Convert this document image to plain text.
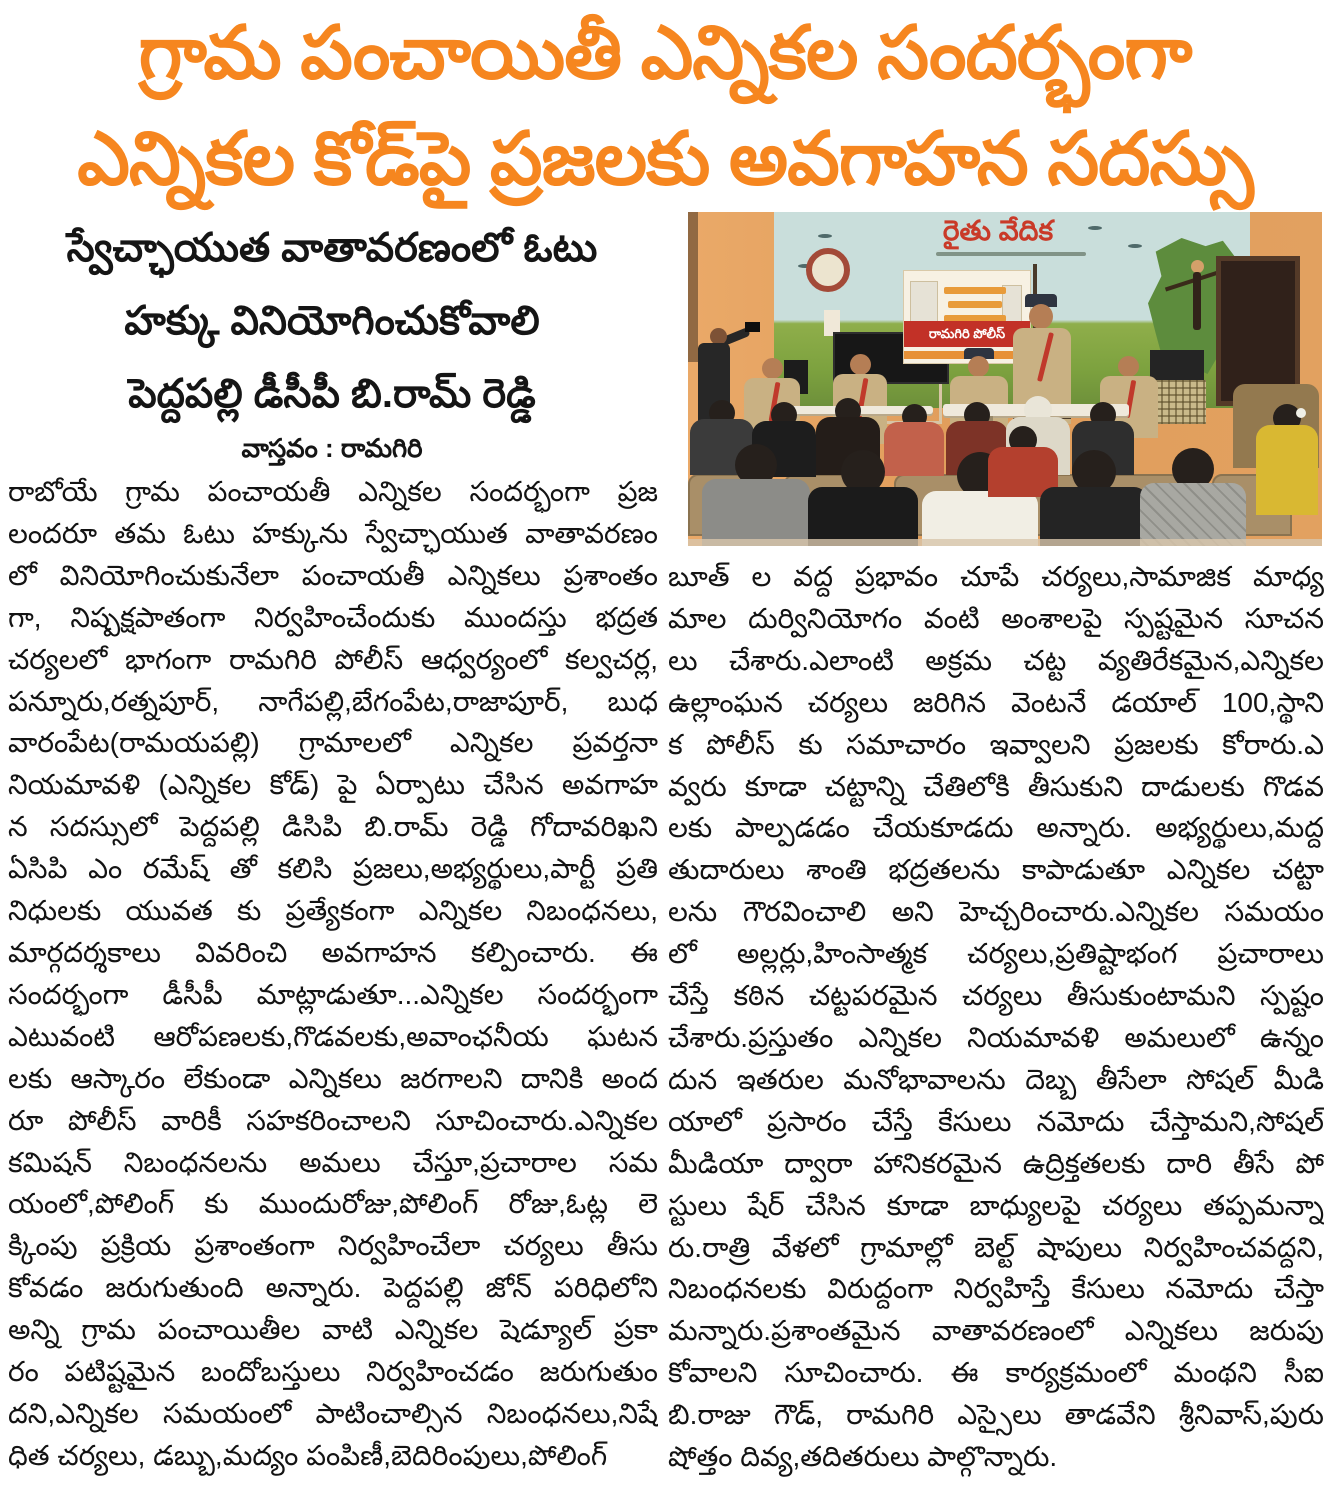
గ్రామ పంచాయితీ ఎన్నికల సందర్భంగా
ఎన్నికల కోడ్‌పై ప్రజలకు అవగాహన సదస్సు
స్వేచ్ఛాయుత వాతావరణంలో ఓటు
హక్కు వినియోగించుకోవాలి
పెద్దపల్లి డీసీపీ బి.రామ్ రెడ్డి
వాస్తవం : రామగిరి
రైతు వేదిక
రామగిరి పోలీస్
రాబోయే గ్రామ పంచాయతీ ఎన్నికల సందర్భంగా ప్రజ
లందరూ తమ ఓటు హక్కును స్వేచ్ఛాయుత వాతావరణం
లో వినియోగించుకునేలా పంచాయతీ ఎన్నికలు ప్రశాంతం
గా, నిష్పక్షపాతంగా నిర్వహించేందుకు ముందస్తు భద్రత
చర్యలలో భాగంగా రామగిరి పోలీస్ ఆధ్వర్యంలో కల్వచర్ల,
పన్నూరు,రత్నపూర్, నాగేపల్లి,బేగంపేట,రాజాపూర్, బుధ
వారంపేట(రామయపల్లి) గ్రామాలలో ఎన్నికల ప్రవర్తనా
నియమావళి (ఎన్నికల కోడ్) పై ఏర్పాటు చేసిన అవగాహ
న సదస్సులో పెద్దపల్లి డిసిపి బి.రామ్ రెడ్డి గోదావరిఖని
ఏసిపి ఎం రమేష్ తో కలిసి ప్రజలు,అభ్యర్థులు,పార్టీ ప్రతి
నిధులకు యువత కు ప్రత్యేకంగా ఎన్నికల నిబంధనలు,
మార్గదర్శకాలు వివరించి అవగాహన కల్పించారు. ఈ
సందర్భంగా డీసీపీ మాట్లాడుతూ...ఎన్నికల సందర్భంగా
ఎటువంటి ఆరోపణలకు,గొడవలకు,అవాంఛనీయ ఘటన
లకు ఆస్కారం లేకుండా ఎన్నికలు జరగాలని దానికి అంద
రూ పోలీస్ వారికీ సహకరించాలని సూచించారు.ఎన్నికల
కమిషన్ నిబంధనలను అమలు చేస్తూ,ప్రచారాల సమ
యంలో,పోలింగ్ కు ముందురోజు,పోలింగ్ రోజు,ఓట్ల లె
క్కింపు ప్రక్రియ ప్రశాంతంగా నిర్వహించేలా చర్యలు తీసు
కోవడం జరుగుతుంది అన్నారు. పెద్దపల్లి జోన్ పరిధిలోని
అన్ని గ్రామ పంచాయితీల వాటి ఎన్నికల షెడ్యూల్ ప్రకా
రం పటిష్టమైన బందోబస్తులు నిర్వహించడం జరుగుతుం
దని,ఎన్నికల సమయంలో పాటించాల్సిన నిబంధనలు,నిషే
ధిత చర్యలు, డబ్బు,మద్యం పంపిణీ,బెదిరింపులు,పోలింగ్
బూత్ ల వద్ద ప్రభావం చూపే చర్యలు,సామాజిక మాధ్య
మాల దుర్వినియోగం వంటి అంశాలపై స్పష్టమైన సూచన
లు చేశారు.ఎలాంటి అక్రమ చట్ట వ్యతిరేకమైన,ఎన్నికల
ఉల్లాంఘన చర్యలు జరిగిన వెంటనే డయాల్ 100,స్థాని
క పోలీస్ కు సమాచారం ఇవ్వాలని ప్రజలకు కోరారు.ఎ
వ్వరు కూడా చట్టాన్ని చేతిలోకి తీసుకుని దాడులకు గొడవ
లకు పాల్పడడం చేయకూడదు అన్నారు. అభ్యర్థులు,మద్ద
తుదారులు శాంతి భద్రతలను కాపాడుతూ ఎన్నికల చట్టా
లను గౌరవించాలి అని హెచ్చరించారు.ఎన్నికల సమయం
లో అల్లర్లు,హింసాత్మక చర్యలు,ప్రతిష్టాభంగ ప్రచారాలు
చేస్తే కఠిన చట్టపరమైన చర్యలు తీసుకుంటామని స్పష్టం
చేశారు.ప్రస్తుతం ఎన్నికల నియమావళి అమలులో ఉన్నం
దున ఇతరుల మనోభావాలను దెబ్బ తీసేలా సోషల్ మీడి
యాలో ప్రసారం చేస్తే కేసులు నమోదు చేస్తామని,సోషల్
మీడియా ద్వారా హానికరమైన ఉద్రిక్తతలకు దారి తీసే పో
స్టులు షేర్ చేసిన కూడా బాధ్యులపై చర్యలు తప్పమన్నా
రు.రాత్రి వేళలో గ్రామాల్లో బెల్ట్ షాపులు నిర్వహించవద్దని,
నిబంధనలకు విరుద్దంగా నిర్వహిస్తే కేసులు నమోదు చేస్తా
మన్నారు.ప్రశాంతమైన వాతావరణంలో ఎన్నికలు జరుపు
కోవాలని సూచించారు. ఈ కార్యక్రమంలో మంథని సీఐ
బి.రాజు గౌడ్, రామగిరి ఎస్సైలు తాడవేని శ్రీనివాస్,పురు
షోత్తం దివ్య,తదితరులు పాల్గొన్నారు.
